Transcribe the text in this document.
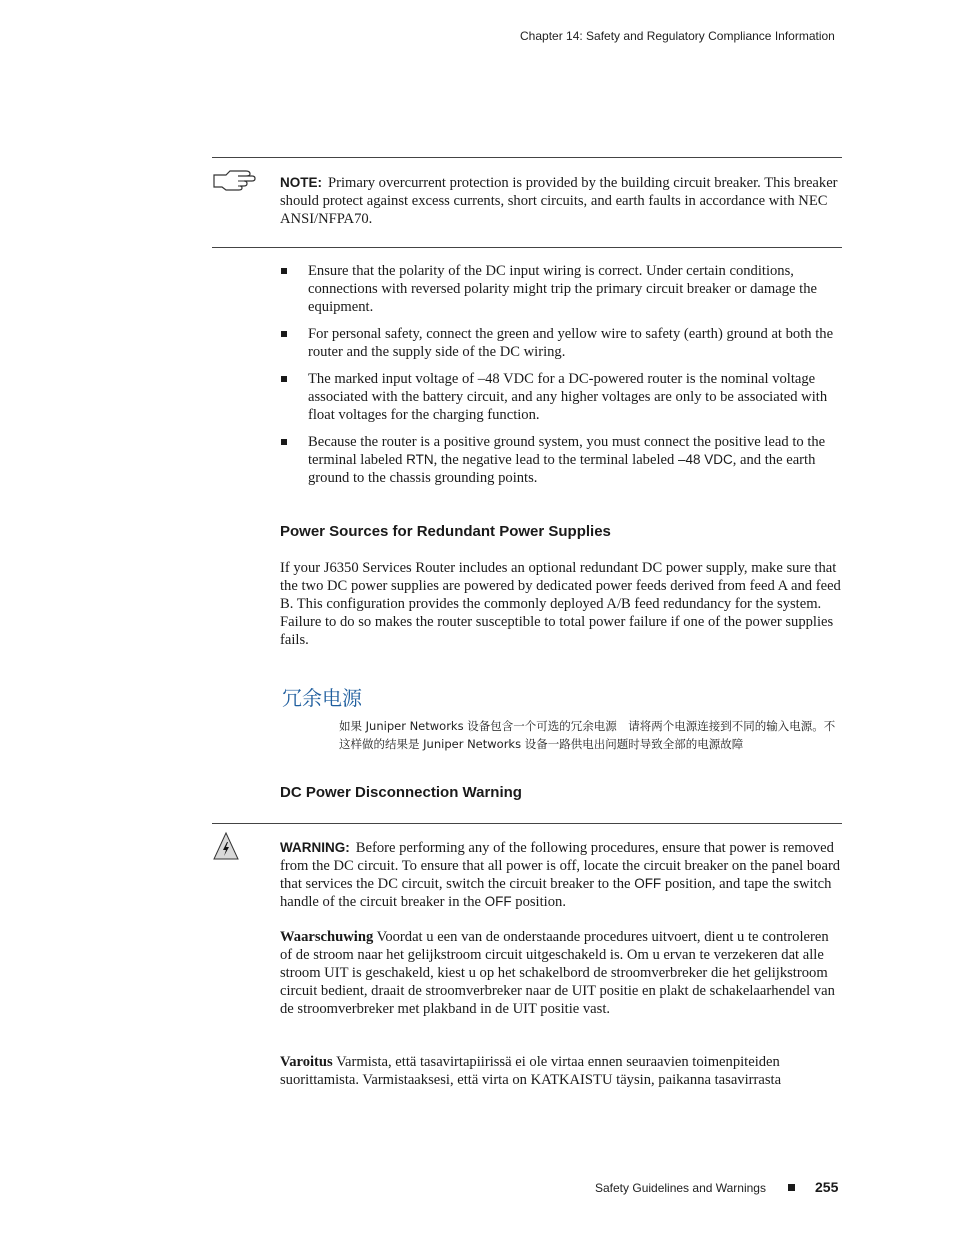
Chapter 14: Safety and Regulatory Compliance Information
NOTE: Primary overcurrent protection is provided by the building circuit breaker. This breaker should protect against excess currents, short circuits, and earth faults in accordance with NEC ANSI/NFPA70.
Ensure that the polarity of the DC input wiring is correct. Under certain conditions, connections with reversed polarity might trip the primary circuit breaker or damage the equipment.
For personal safety, connect the green and yellow wire to safety (earth) ground at both the router and the supply side of the DC wiring.
The marked input voltage of –48 VDC for a DC-powered router is the nominal voltage associated with the battery circuit, and any higher voltages are only to be associated with float voltages for the charging function.
Because the router is a positive ground system, you must connect the positive lead to the terminal labeled RTN, the negative lead to the terminal labeled –48 VDC, and the earth ground to the chassis grounding points.
Power Sources for Redundant Power Supplies
If your J6350 Services Router includes an optional redundant DC power supply, make sure that the two DC power supplies are powered by dedicated power feeds derived from feed A and feed B. This configuration provides the commonly deployed A/B feed redundancy for the system. Failure to do so makes the router susceptible to total power failure if one of the power supplies fails.
冗余电源
如果 Juniper Networks 设备包含一个可选的冗余电源　请将两个电源连接到不同的输入电源。不这样做的结果是 Juniper Networks 设备一路供电出问题时导致全部的电源故障
DC Power Disconnection Warning
WARNING: Before performing any of the following procedures, ensure that power is removed from the DC circuit. To ensure that all power is off, locate the circuit breaker on the panel board that services the DC circuit, switch the circuit breaker to the OFF position, and tape the switch handle of the circuit breaker in the OFF position.
Waarschuwing Voordat u een van de onderstaande procedures uitvoert, dient u te controleren of de stroom naar het gelijkstroom circuit uitgeschakeld is. Om u ervan te verzekeren dat alle stroom UIT is geschakeld, kiest u op het schakelbord de stroomverbreker die het gelijkstroom circuit bedient, draait de stroomverbreker naar de UIT positie en plakt de schakelaarhendel van de stroomverbreker met plakband in de UIT positie vast.
Varoitus Varmista, että tasavirtapiirissä ei ole virtaa ennen seuraavien toimenpiteiden suorittamista. Varmistaaksesi, että virta on KATKAISTU täysin, paikanna tasavirrasta
Safety Guidelines and Warnings	255
